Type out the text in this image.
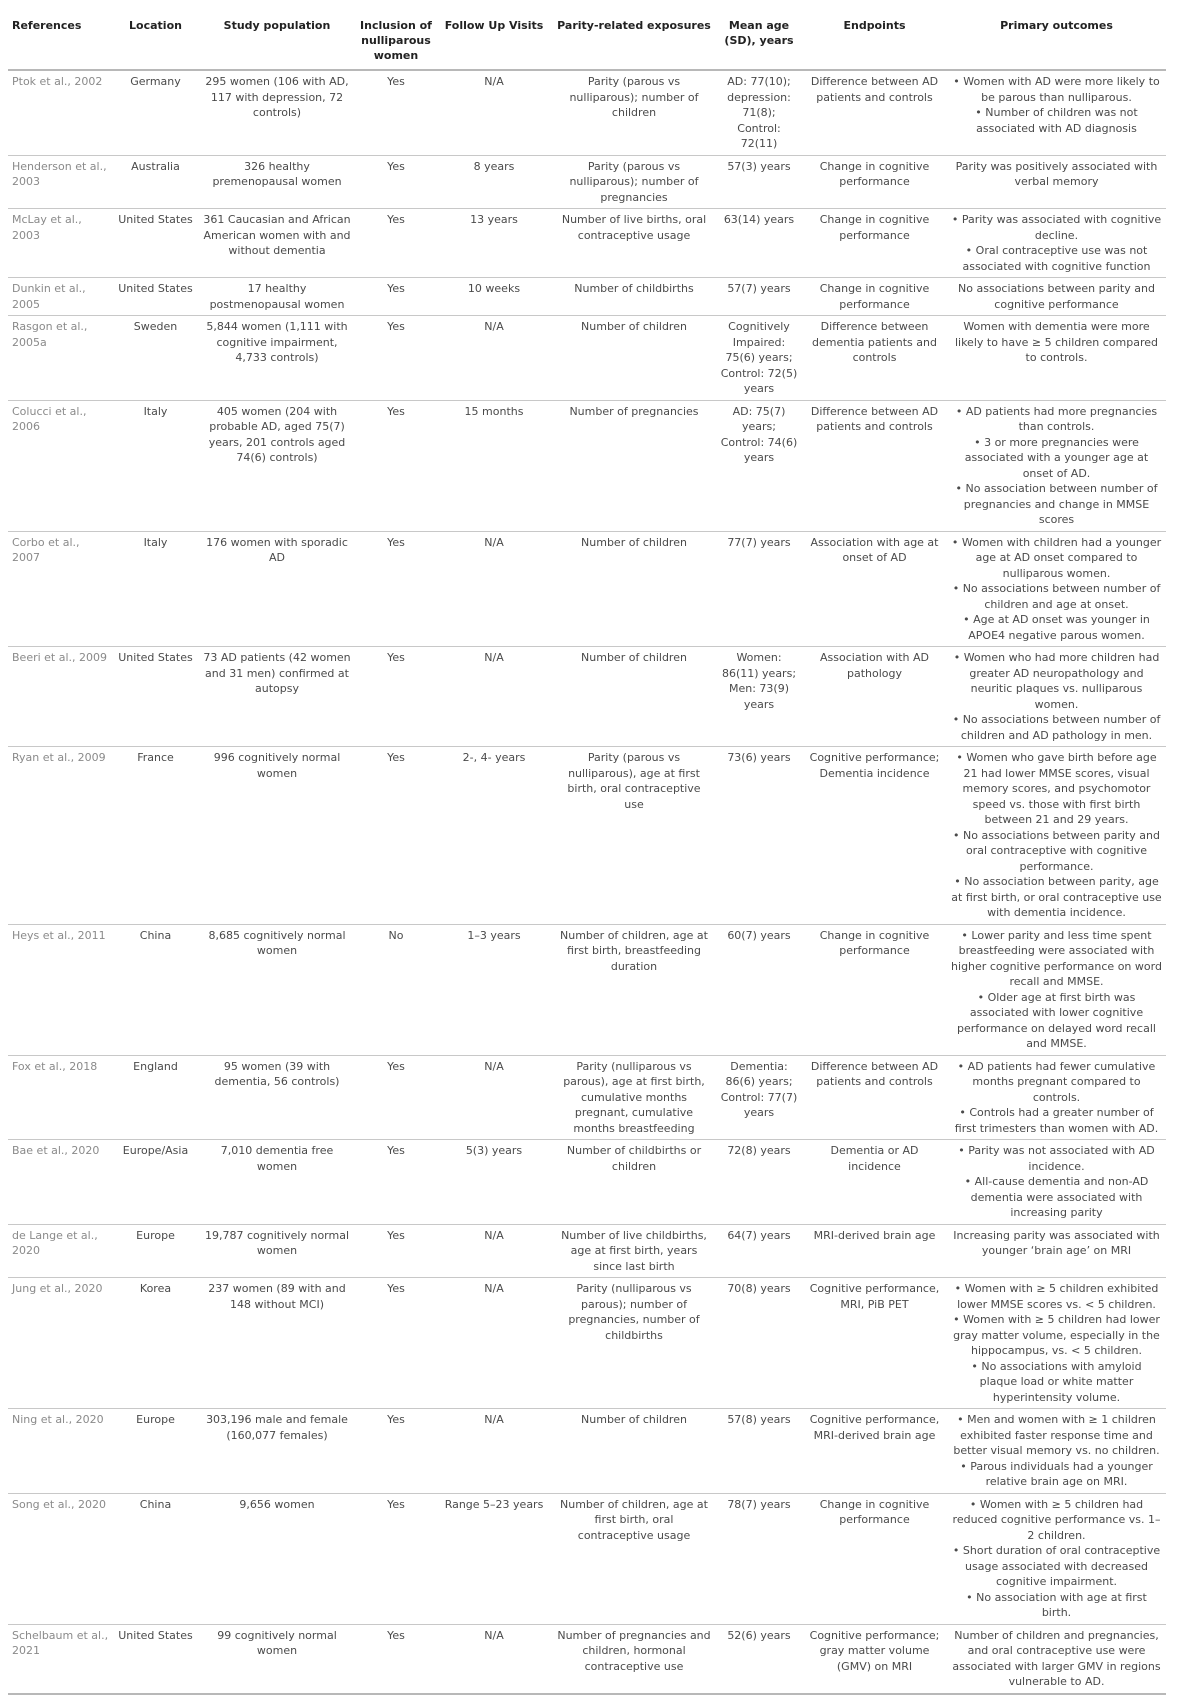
References	Location	Study population	Inclusion of nulliparous women	Follow Up Visits	Parity-related exposures	Mean age (SD), years	Endpoints	Primary outcomes
Ptok et al., 2002	Germany	295 women (106 with AD, 117 with depression, 72 controls)	Yes	N/A	Parity (parous vs nulliparous); number of children	AD: 77(10); depression: 71(8); Control: 72(11)	Difference between AD patients and controls	• Women with AD were more likely to be parous than nulliparous.
• Number of children was not associated with AD diagnosis

Henderson et al., 2003	Australia	326 healthy premenopausal women	Yes	8 years	Parity (parous vs nulliparous); number of pregnancies	57(3) years	Change in cognitive performance	Parity was positively associated with verbal memory
McLay et al., 2003	United States	361 Caucasian and African American women with and without dementia	Yes	13 years	Number of live births, oral contraceptive usage	63(14) years	Change in cognitive performance	• Parity was associated with cognitive decline.
• Oral contraceptive use was not associated with cognitive function

Dunkin et al., 2005	United States	17 healthy postmenopausal women	Yes	10 weeks	Number of childbirths	57(7) years	Change in cognitive performance	No associations between parity and cognitive performance
Rasgon et al., 2005a	Sweden	5,844 women (1,111 with cognitive impairment, 4,733 controls)	Yes	N/A	Number of children	Cognitively Impaired: 75(6) years; Control: 72(5) years	Difference between dementia patients and controls	Women with dementia were more likely to have ≥ 5 children compared to controls.
Colucci et al., 2006	Italy	405 women (204 with probable AD, aged 75(7) years, 201 controls aged 74(6) controls)	Yes	15 months	Number of pregnancies	AD: 75(7) years; Control: 74(6) years	Difference between AD patients and controls	• AD patients had more pregnancies than controls.
• 3 or more pregnancies were associated with a younger age at onset of AD.
• No association between number of pregnancies and change in MMSE scores

Corbo et al., 2007	Italy	176 women with sporadic AD	Yes	N/A	Number of children	77(7) years	Association with age at onset of AD	• Women with children had a younger age at AD onset compared to nulliparous women.
• No associations between number of children and age at onset.
• Age at AD onset was younger in APOE4 negative parous women.

Beeri et al., 2009	United States	73 AD patients (42 women and 31 men) confirmed at autopsy	Yes	N/A	Number of children	Women: 86(11) years; Men: 73(9) years	Association with AD pathology	• Women who had more children had greater AD neuropathology and neuritic plaques vs. nulliparous women.
• No associations between number of children and AD pathology in men.

Ryan et al., 2009	France	996 cognitively normal women	Yes	2-, 4- years	Parity (parous vs nulliparous), age at first birth, oral contraceptive use	73(6) years	Cognitive performance; Dementia incidence	• Women who gave birth before age 21 had lower MMSE scores, visual memory scores, and psychomotor speed vs. those with first birth between 21 and 29 years.
• No associations between parity and oral contraceptive with cognitive performance.
• No association between parity, age at first birth, or oral contraceptive use with dementia incidence.

Heys et al., 2011	China	8,685 cognitively normal women	No	1–3 years	Number of children, age at first birth, breastfeeding duration	60(7) years	Change in cognitive performance	• Lower parity and less time spent breastfeeding were associated with higher cognitive performance on word recall and MMSE.
• Older age at first birth was associated with lower cognitive performance on delayed word recall and MMSE.

Fox et al., 2018	England	95 women (39 with dementia, 56 controls)	Yes	N/A	Parity (nulliparous vs parous), age at first birth, cumulative months pregnant, cumulative months breastfeeding	Dementia: 86(6) years; Control: 77(7) years	Difference between AD patients and controls	• AD patients had fewer cumulative months pregnant compared to controls.
• Controls had a greater number of first trimesters than women with AD.

Bae et al., 2020	Europe/Asia	7,010 dementia free women	Yes	5(3) years	Number of childbirths or children	72(8) years	Dementia or AD incidence	• Parity was not associated with AD incidence.
• All-cause dementia and non-AD dementia were associated with increasing parity

de Lange et al., 2020	Europe	19,787 cognitively normal women	Yes	N/A	Number of live childbirths, age at first birth, years since last birth	64(7) years	MRI-derived brain age	Increasing parity was associated with younger ‘brain age’ on MRI
Jung et al., 2020	Korea	237 women (89 with and 148 without MCI)	Yes	N/A	Parity (nulliparous vs parous); number of pregnancies, number of childbirths	70(8) years	Cognitive performance, MRI, PiB PET	• Women with ≥ 5 children exhibited lower MMSE scores vs. < 5 children.
• Women with ≥ 5 children had lower gray matter volume, especially in the hippocampus, vs. < 5 children.
• No associations with amyloid plaque load or white matter hyperintensity volume.

Ning et al., 2020	Europe	303,196 male and female (160,077 females)	Yes	N/A	Number of children	57(8) years	Cognitive performance, MRI-derived brain age	• Men and women with ≥ 1 children exhibited faster response time and better visual memory vs. no children.
• Parous individuals had a younger relative brain age on MRI.

Song et al., 2020	China	9,656 women	Yes	Range 5–23 years	Number of children, age at first birth, oral contraceptive usage	78(7) years	Change in cognitive performance	• Women with ≥ 5 children had reduced cognitive performance vs. 1–2 children.
• Short duration of oral contraceptive usage associated with decreased cognitive impairment.
• No association with age at first birth.

Schelbaum et al., 2021	United States	99 cognitively normal women	Yes	N/A	Number of pregnancies and children, hormonal contraceptive use	52(6) years	Cognitive performance; gray matter volume (GMV) on MRI	Number of children and pregnancies, and oral contraceptive use were associated with larger GMV in regions vulnerable to AD.
